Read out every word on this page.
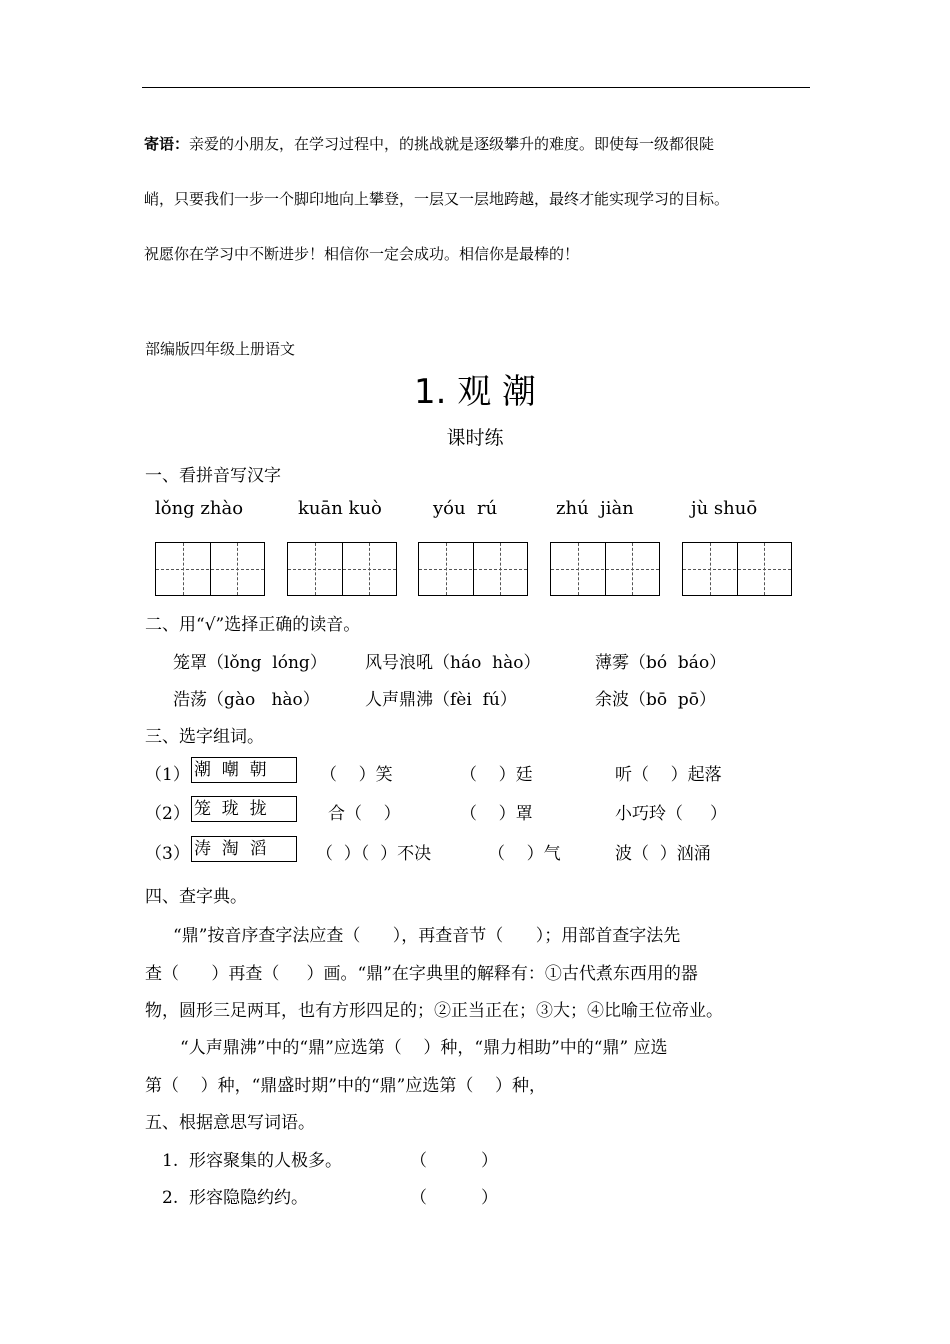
寄语：亲爱的小朋友，在学习过程中，的挑战就是逐级攀升的难度。即使每一级都很陡
峭，只要我们一步一个脚印地向上攀登，一层又一层地跨越，最终才能实现学习的目标。
祝愿你在学习中不断进步！相信你一定会成功。相信你是最棒的！
部编版四年级上册语文
1. 观 潮
课时练
一、看拼音写汉字
lǒng zhào	kuān kuò	yóu  rú	zhú  jiàn	jù shuō
二、用“√”选择正确的读音。
笼罩（lǒng  lóng） 风号浪吼（háo  hào）	薄雾（bó  báo）
浩荡（gào   hào）	人声鼎沸（fèi  fú）	余波（bō  pō）
三、选字组词。
（1） 潮  嘲  朝	（    ）笑	（    ）廷	听（    ）起落
（2） 笼  珑  拢	合（    ）	（    ）罩	小巧玲（     ）
（3） 涛  淘  滔	（  ）（  ）不决	（    ）气	波（  ）汹涌
四、查字典。
“鼎”按音序查字法应查（      ），再查音节（      ）；用部首查字法先
查（      ）再查（     ）画。“鼎”在字典里的解释有：①古代煮东西用的器
物，圆形三足两耳，也有方形四足的；②正当正在；③大；④比喻王位帝业。
“人声鼎沸”中的“鼎”应选第（    ）种，“鼎力相助”中的“鼎” 应选
第（    ）种，“鼎盛时期”中的“鼎”应选第（    ）种，
五、根据意思写词语。
1.  形容聚集的人极多。	（          ）
2.  形容隐隐约约。	（          ）
